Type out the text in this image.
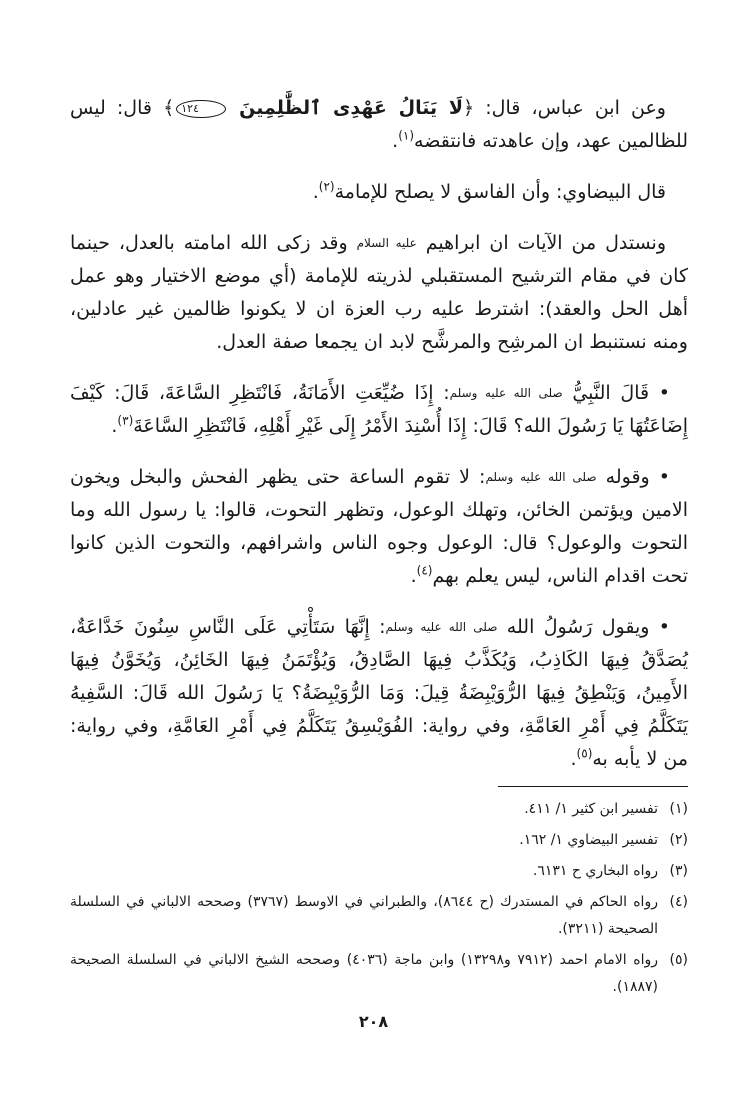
وعن ابن عباس، قال: ﴿لَا يَنَالُ عَهْدِى ٱلظَّٰلِمِينَ ١٢٤﴾ قال: ليس للظالمين عهد، وإن عاهدته فانتقضه$^{(١)}$.

قال البيضاوي: وأن الفاسق لا يصلح للإمامة$^{(٢)}$.

ونستدل من الآيات ان ابراهيم عليه السلام وقد زكى الله امامته بالعدل، حينما كان في مقام الترشيح المستقبلي لذريته للإمامة (أي موضع الاختيار وهو عمل أهل الحل والعقد): اشترط عليه رب العزة ان لا يكونوا ظالمين غير عادلين، ومنه نستنبط ان المرشِح والمرشَّح لابد ان يجمعا صفة العدل.

• قَالَ النَّبِيُّ صلى الله عليه وسلم: إِذَا ضُيِّعَتِ الأَمَانَةُ، فَانْتَظِرِ السَّاعَةَ، قَالَ: كَيْفَ إِضَاعَتُهَا يَا رَسُولَ الله؟ قَالَ: إِذَا أُسْنِدَ الأَمْرُ إِلَى غَيْرِ أَهْلِهِ، فَانْتَظِرِ السَّاعَةَ$^{(٣)}$.

• وقوله صلى الله عليه وسلم: لا تقوم الساعة حتى يظهر الفحش والبخل ويخون الامين ويؤتمن الخائن، وتهلك الوعول، وتظهر التحوت، قالوا: يا رسول الله وما التحوت والوعول؟ قال: الوعول وجوه الناس واشرافهم، والتحوت الذين كانوا تحت اقدام الناس، ليس يعلم بهم$^{(٤)}$.

• ويقول رَسُولُ الله صلى الله عليه وسلم: إِنَّهَا سَتَأْتِي عَلَى النَّاسِ سِنُونَ خَدَّاعَةٌ، يُصَدَّقُ فِيهَا الكَاذِبُ، وَيُكَذَّبُ فِيهَا الصَّادِقُ، وَيُؤْتَمَنُ فِيهَا الخَائِنُ، وَيُخَوَّنُ فِيهَا الأَمِينُ، وَيَنْطِقُ فِيهَا الرُّوَيْبِضَةُ قِيلَ: وَمَا الرُّوَيْبِضَةُ؟ يَا رَسُولَ الله قَالَ: السَّفِيهُ يَتَكَلَّمُ فِي أَمْرِ العَامَّةِ، وفي رواية: الفُوَيْسِقُ يَتَكَلَّمُ فِي أَمْرِ العَامَّةِ، وفي رواية: من لا يأبه به$^{(٥)}$.

(١)
تفسير ابن كثير ١/ ٤١١.
(٢)
تفسير البيضاوي ١/ ١٦٢.
(٣)
رواه البخاري ح ٦١٣١.
(٤)
رواه الحاكم في المستدرك (ح ٨٦٤٤)، والطبراني في الاوسط (٣٧٦٧) وصححه الالباني في السلسلة الصحيحة (٣٢١١).
(٥)
رواه الامام احمد (٧٩١٢ و١٣٢٩٨) وابن ماجة (٤٠٣٦) وصححه الشيخ الالباني في السلسلة الصحيحة (١٨٨٧).
٢٠٨
